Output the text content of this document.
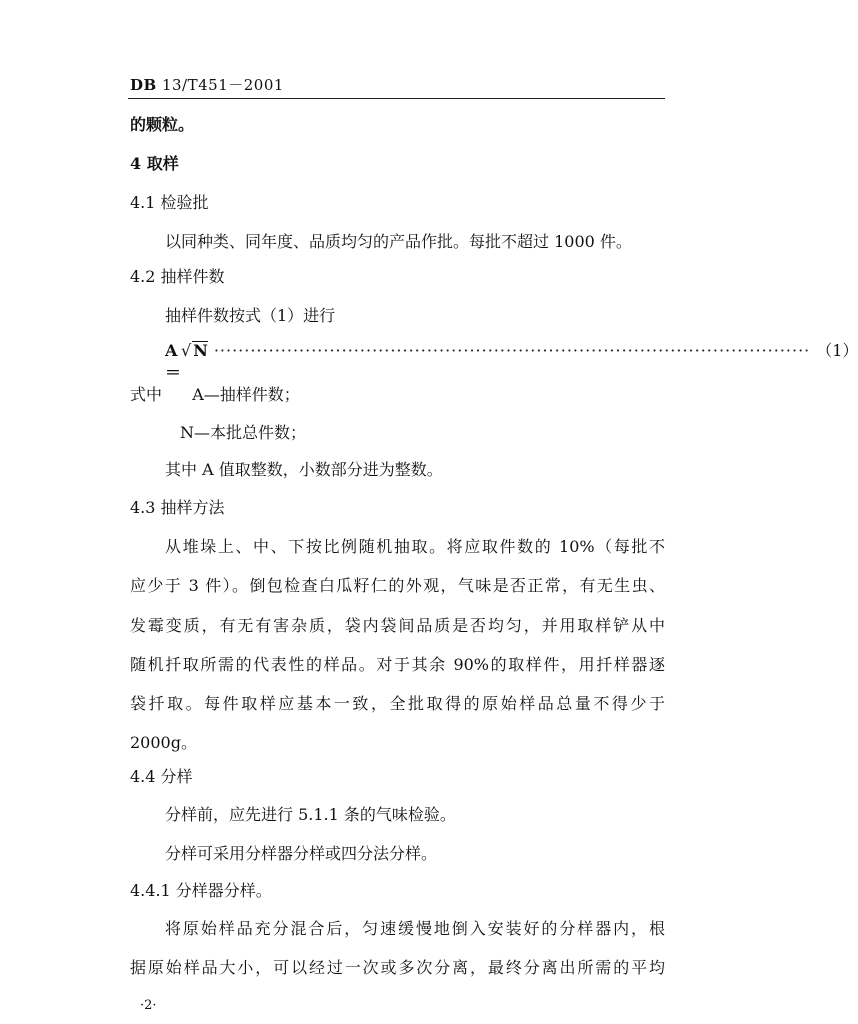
DB 13/T451－2001
的颗粒。
4 取样
4.1 检验批
以同种类、同年度、品质均匀的产品作批。每批不超过 1000 件。
4.2 抽样件数
抽样件数按式（1）进行
A＝
√ N ·································································································· （1）
式中 A—抽样件数；
N—本批总件数；
其中 A 值取整数，小数部分进为整数。
4.3 抽样方法
从堆垛上、中、下按比例随机抽取。将应取件数的 10%（每批不
应少于 3 件）。倒包检查白瓜籽仁的外观，气味是否正常，有无生虫、
发霉变质，有无有害杂质，袋内袋间品质是否均匀，并用取样铲从中
随机扦取所需的代表性的样品。对于其余 90%的取样件，用扦样器逐
袋扦取。每件取样应基本一致，全批取得的原始样品总量不得少于
2000g。
4.4 分样
分样前，应先进行 5.1.1 条的气味检验。
分样可采用分样器分样或四分法分样。
4.4.1 分样器分样。
将原始样品充分混合后，匀速缓慢地倒入安装好的分样器内，根
据原始样品大小，可以经过一次或多次分离，最终分离出所需的平均
·2·
